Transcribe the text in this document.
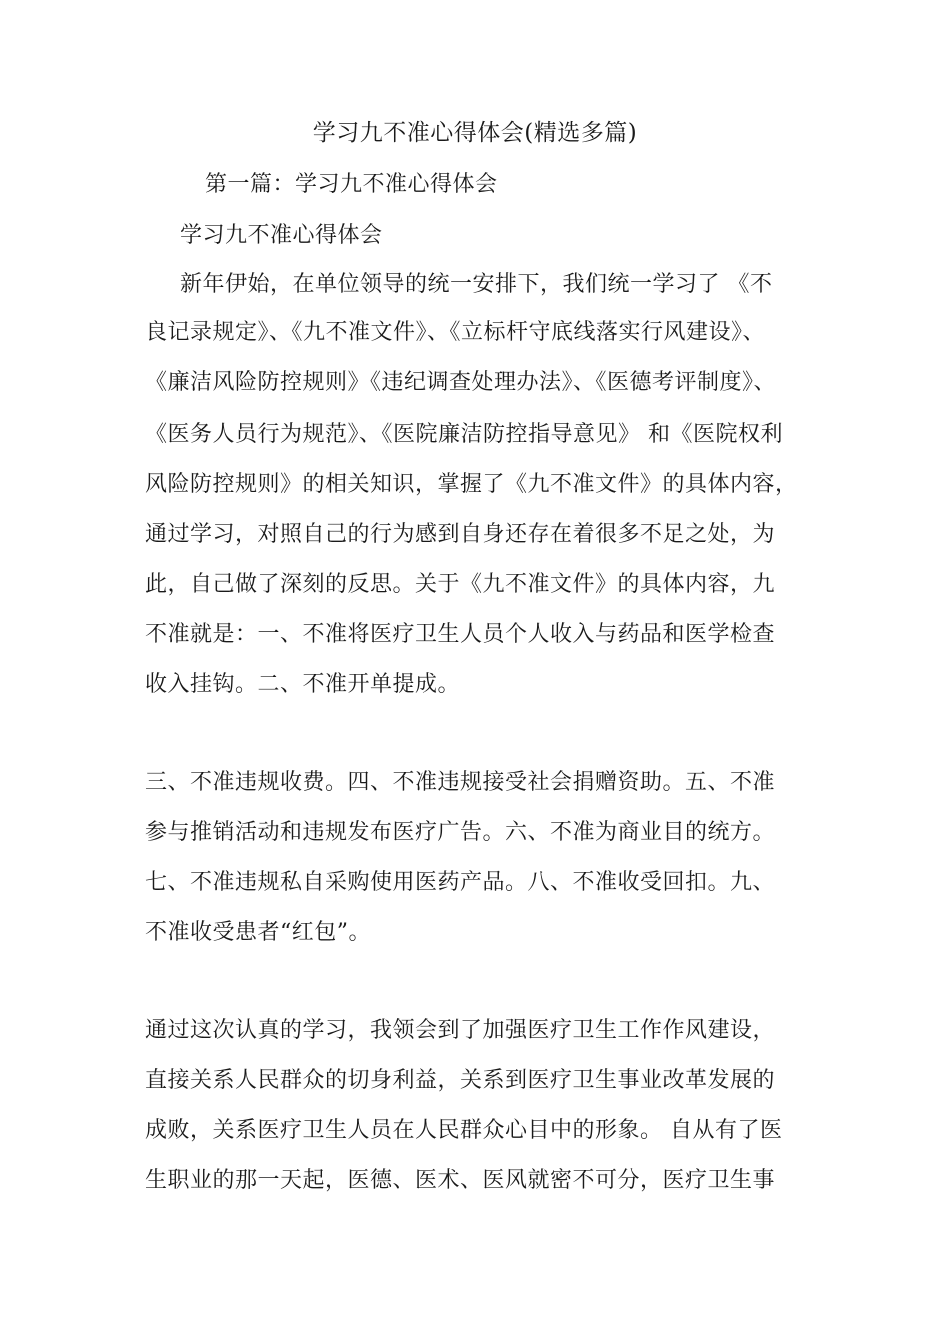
学习九不准心得体会(精选多篇)
第一篇：学习九不准心得体会
学习九不准心得体会
新年伊始，在单位领导的统一安排下，我们统一学习了 《不
良记录规定》、《九不准文件》、《立标杆守底线落实行风建设》、
《廉洁风险防控规则》《违纪调查处理办法》、《医德考评制度》、
《医务人员行为规范》、《医院廉洁防控指导意见》 和《医院权利
风险防控规则》的相关知识，掌握了《九不准文件》的具体内容，
通过学习，对照自己的行为感到自身还存在着很多不足之处，为
此，自己做了深刻的反思。关于《九不准文件》的具体内容，九
不准就是：一、不准将医疗卫生人员个人收入与药品和医学检查
收入挂钩。二、不准开单提成。
三、不准违规收费。四、不准违规接受社会捐赠资助。五、不准
参与推销活动和违规发布医疗广告。六、不准为商业目的统方。
七、不准违规私自采购使用医药产品。八、不准收受回扣。九、
不准收受患者“红包”。
通过这次认真的学习，我领会到了加强医疗卫生工作作风建设，
直接关系人民群众的切身利益，关系到医疗卫生事业改革发展的
成败，关系医疗卫生人员在人民群众心目中的形象。 自从有了医
生职业的那一天起，医德、医术、医风就密不可分，医疗卫生事
